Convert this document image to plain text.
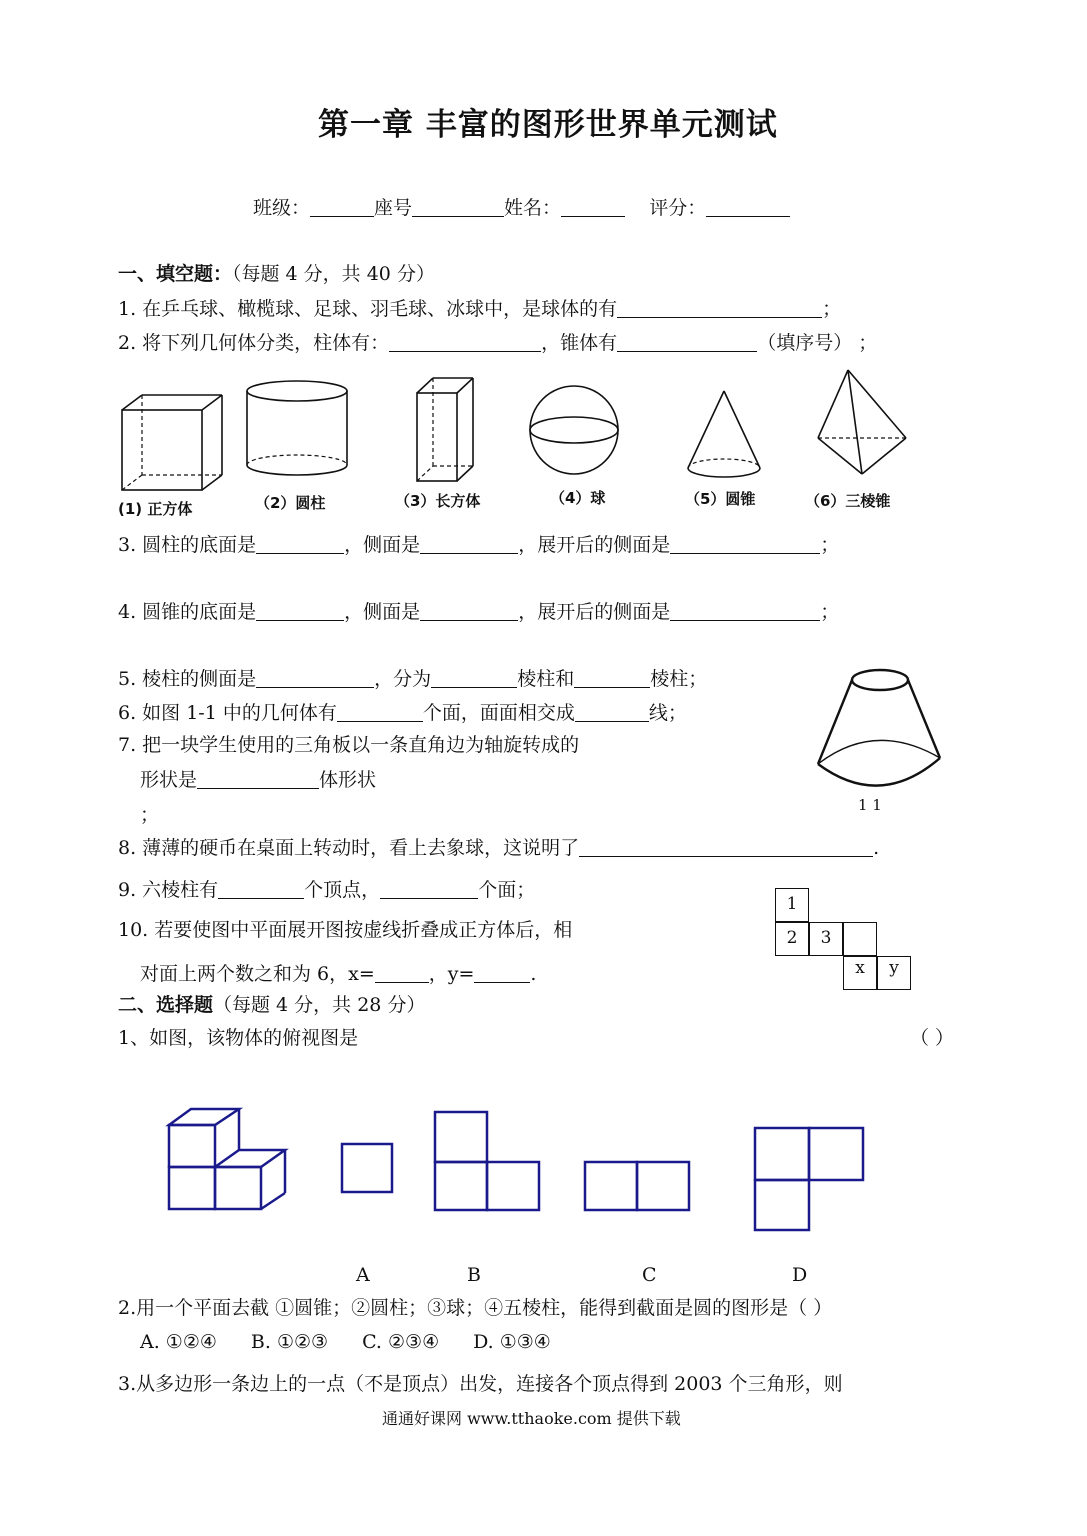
第一章 丰富的图形世界单元测试
班级：	座号	姓名：	评分：
一、填空题：（每题 4 分，共 40 分）
1. 在乒乓球、橄榄球、足球、羽毛球、冰球中，是球体的有	；
2. 将下列几何体分类，柱体有：	，锥体有	（填序号） ；
(1) 正方体	（2）圆柱	（3）长方体	（4）球	（5）圆锥	（6）三棱锥
3. 圆柱的底面是	，侧面是	，展开后的侧面是	；
4. 圆锥的底面是	，侧面是	，展开后的侧面是	；
5. 棱柱的侧面是	，分为	棱柱和	棱柱；
6. 如图 1-1 中的几何体有	个面，面面相交成	线；
7. 把一块学生使用的三角板以一条直角边为轴旋转成的
形状是	体形状
；	1 1
8. 薄薄的硬币在桌面上转动时，看上去象球，这说明了	.
9. 六棱柱有	个顶点，	个面；
1
2	3
x	y
10. 若要使图中平面展开图按虚线折叠成正方体后，相
对面上两个数之和为 6，x=	，y=	.
二、选择题（每题 4 分，共 28 分）
1、如图，该物体的俯视图是	（ ）
A	B	C	D
2.用一个平面去截 ①圆锥；②圆柱；③球；④五棱柱，能得到截面是圆的图形是（ ）
A. ①②④ B. ①②③ C. ②③④ D. ①③④
3.从多边形一条边上的一点（不是顶点）出发，连接各个顶点得到 2003 个三角形，则
通通好课网 www.tthaoke.com 提供下载
